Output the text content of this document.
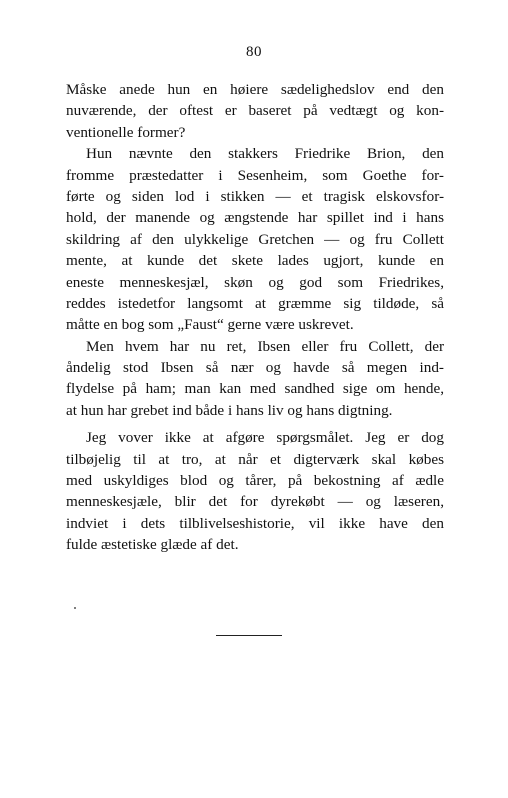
80
Måske anede hun en høiere sædelighedslov end den
nuværende, der oftest er baseret på vedtægt og kon-
ventionelle former?
Hun nævnte den stakkers Friedrike Brion, den
fromme præstedatter i Sesenheim, som Goethe for-
førte og siden lod i stikken — et tragisk elskovsfor-
hold, der manende og ængstende har spillet ind i hans
skildring af den ulykkelige Gretchen — og fru Collett
mente, at kunde det skete lades ugjort, kunde en
eneste menneskesjæl, skøn og god som Friedrikes,
reddes istedetfor langsomt at græmme sig tildøde, så
måtte en bog som „Faust“ gerne være uskrevet.
Men hvem har nu ret, Ibsen eller fru Collett, der
åndelig stod Ibsen så nær og havde så megen ind-
flydelse på ham; man kan med sandhed sige om hende,
at hun har grebet ind både i hans liv og hans digtning.
Jeg vover ikke at afgøre spørgsmålet. Jeg er dog
tilbøjelig til at tro, at når et digterværk skal købes
med uskyldiges blod og tårer, på bekostning af ædle
menneskesjæle, blir det for dyrekøbt — og læseren,
indviet i dets tilblivelseshistorie, vil ikke have den
fulde æstetiske glæde af det.
